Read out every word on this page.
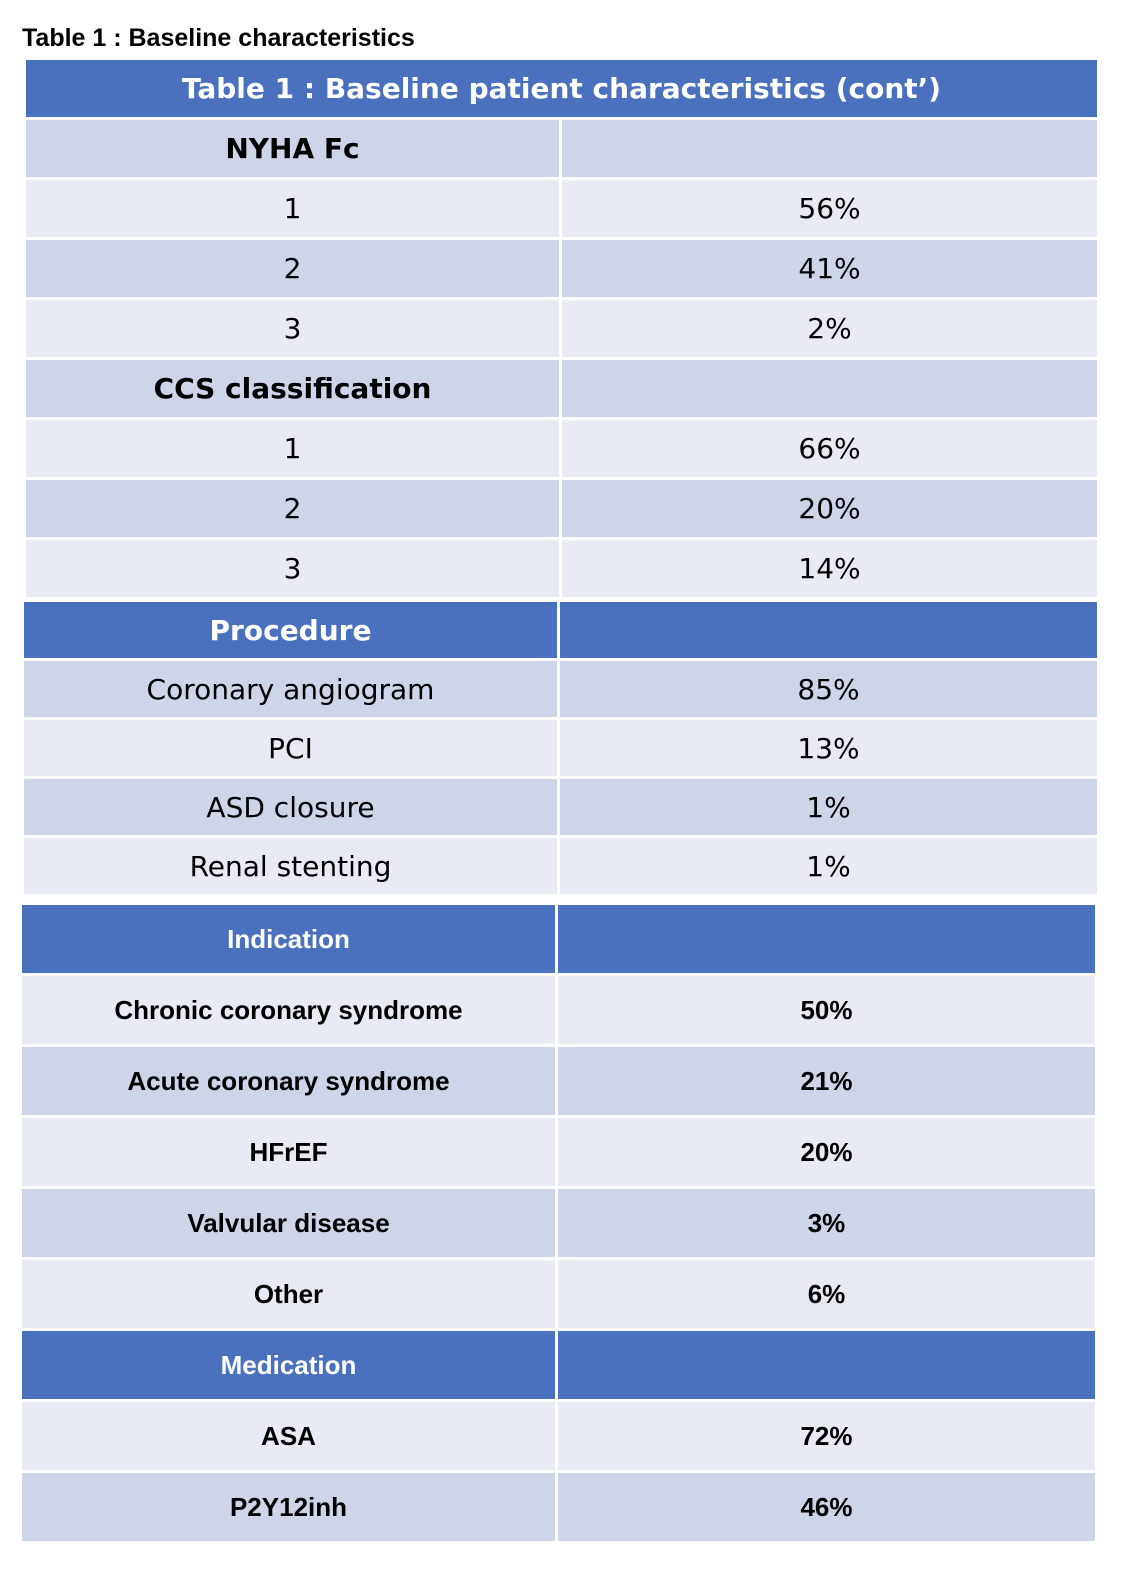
Table 1 : Baseline characteristics
Table 1 : Baseline patient characteristics (cont’)	
NYHA Fc	
1	56%
2	41%
3	2%
CCS classification	
1	66%
2	20%
3	14%
Procedure	
Coronary angiogram	85%
PCI	13%
ASD closure	1%
Renal stenting	1%
Indication	
Chronic coronary syndrome	50%
Acute coronary syndrome	21%
HFrEF	20%
Valvular disease	3%
Other	6%
Medication	
ASA	72%
P2Y12inh	46%
